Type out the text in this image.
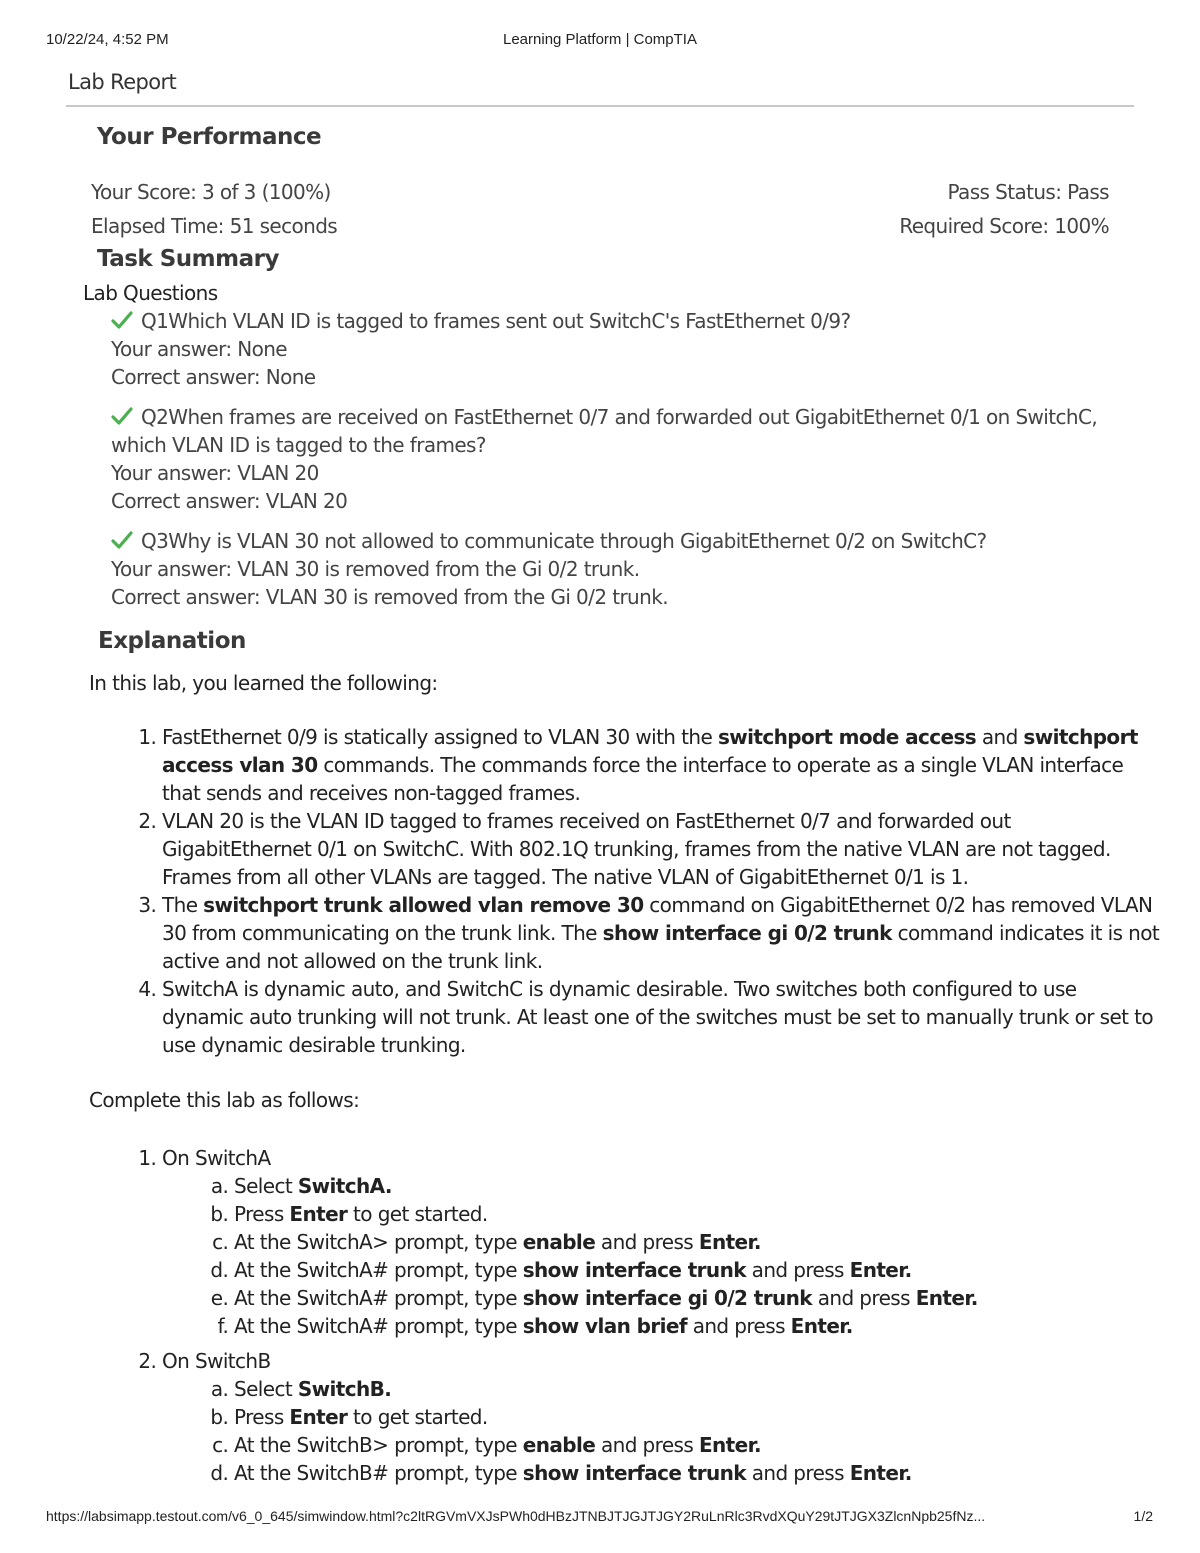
10/22/24, 4:52 PM	Learning Platform | CompTIA
https://labsimapp.testout.com/v6_0_645/simwindow.html?c2ltRGVmVXJsPWh0dHBzJTNBJTJGJTJGY2RuLnRlc3RvdXQuY29tJTJGX3ZlcnNpb25fNz...	1/2
Lab Report
Your Performance
Your Score: 3 of 3 (100%)
Elapsed Time: 51 seconds
Pass Status: Pass
Required Score: 100%
Task Summary
Lab Questions
Q1Which VLAN ID is tagged to frames sent out SwitchC's FastEthernet 0/9?
Your answer: None
Correct answer: None
Q2When frames are received on FastEthernet 0/7 and forwarded out GigabitEthernet 0/1 on SwitchC, which VLAN ID is tagged to the frames?
Your answer: VLAN 20
Correct answer: VLAN 20
Q3Why is VLAN 30 not allowed to communicate through GigabitEthernet 0/2 on SwitchC?
Your answer: VLAN 30 is removed from the Gi 0/2 trunk.
Correct answer: VLAN 30 is removed from the Gi 0/2 trunk.
Explanation
In this lab, you learned the following:
1. FastEthernet 0/9 is statically assigned to VLAN 30 with the switchport mode access and switchport access vlan 30 commands. The commands force the interface to operate as a single VLAN interface that sends and receives non-tagged frames.
2. VLAN 20 is the VLAN ID tagged to frames received on FastEthernet 0/7 and forwarded out GigabitEthernet 0/1 on SwitchC. With 802.1Q trunking, frames from the native VLAN are not tagged. Frames from all other VLANs are tagged. The native VLAN of GigabitEthernet 0/1 is 1.
3. The switchport trunk allowed vlan remove 30 command on GigabitEthernet 0/2 has removed VLAN 30 from communicating on the trunk link. The show interface gi 0/2 trunk command indicates it is not active and not allowed on the trunk link.
4. SwitchA is dynamic auto, and SwitchC is dynamic desirable. Two switches both configured to use dynamic auto trunking will not trunk. At least one of the switches must be set to manually trunk or set to use dynamic desirable trunking.
Complete this lab as follows:
1. On SwitchA
a. Select SwitchA.
b. Press Enter to get started.
c. At the SwitchA> prompt, type enable and press Enter.
d. At the SwitchA# prompt, type show interface trunk and press Enter.
e. At the SwitchA# prompt, type show interface gi 0/2 trunk and press Enter.
f. At the SwitchA# prompt, type show vlan brief and press Enter.
2. On SwitchB
a. Select SwitchB.
b. Press Enter to get started.
c. At the SwitchB> prompt, type enable and press Enter.
d. At the SwitchB# prompt, type show interface trunk and press Enter.
